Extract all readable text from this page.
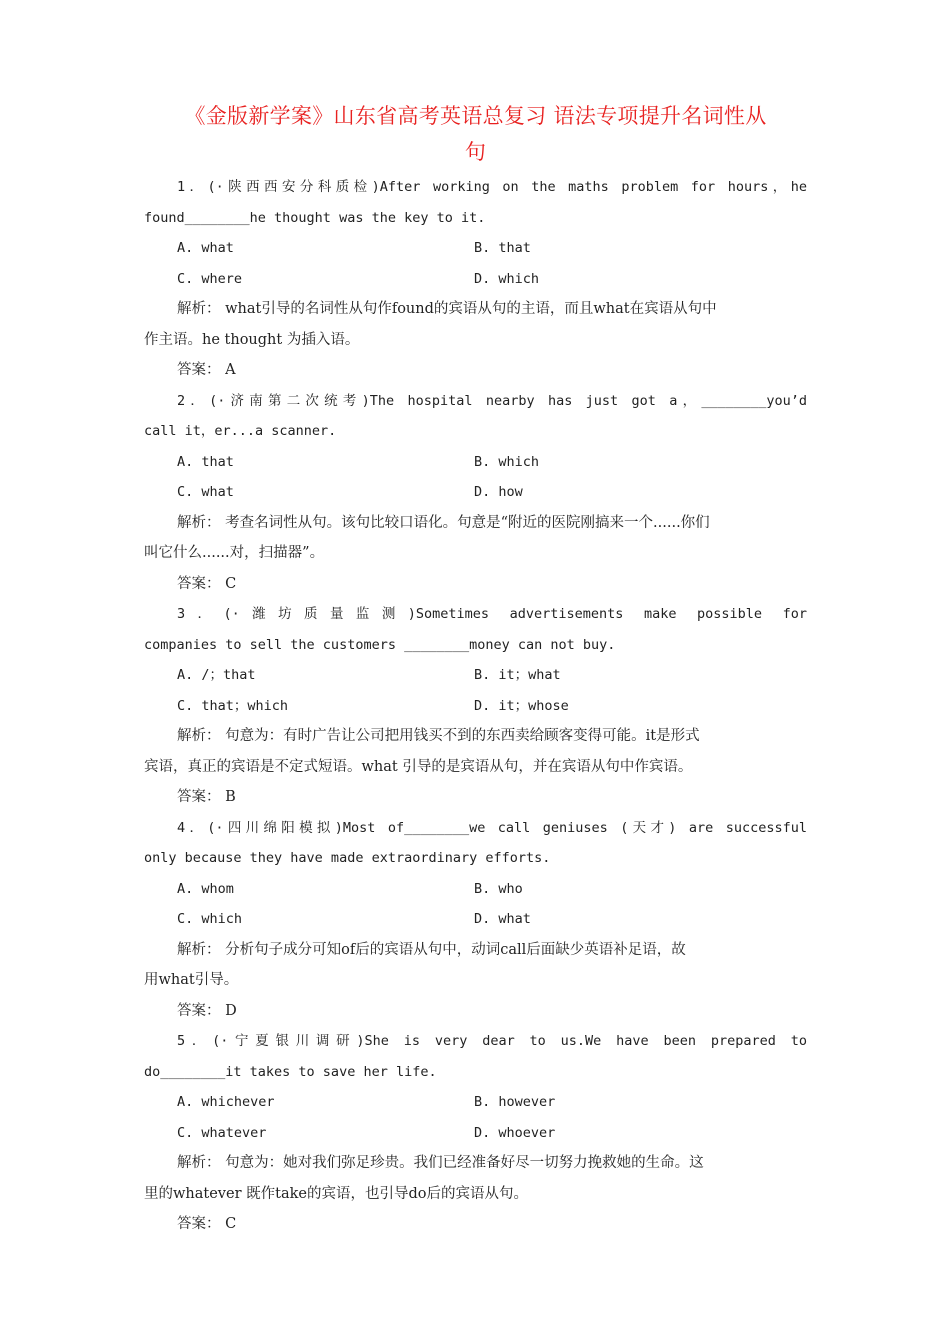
《金版新学案》山东省高考英语总复习 语法专项提升名词性从
句
1．(·陕西西安分科质检)After working on the maths problem for hours，he
found________he thought was the key to it.
A. what	B. that
C. where	D. which
解析： what引导的名词性从句作found的宾语从句的主语，而且what在宾语从句中
作主语。he thought 为插入语。
答案： A
2．(·济南第二次统考)The hospital nearby has just got a，________you’d
call it，er...a scanner.
A. that	B. which
C. what	D. how
解析： 考查名词性从句。该句比较口语化。句意是“附近的医院刚搞来一个......你们
叫它什么......对，扫描器”。
答案： C
3．(·潍坊质量监测)Sometimes advertisements make possible for
companies to sell the customers ________money can not buy.
A. /；that	B. it；what
C. that；which	D. it；whose
解析： 句意为：有时广告让公司把用钱买不到的东西卖给顾客变得可能。it是形式
宾语，真正的宾语是不定式短语。what 引导的是宾语从句，并在宾语从句中作宾语。
答案： B
4．(·四川绵阳模拟)Most of________we call geniuses (天才) are successful
only because they have made extraordinary efforts.
A. whom	B. who
C. which	D. what
解析： 分析句子成分可知of后的宾语从句中，动词call后面缺少英语补足语，故
用what引导。
答案： D
5．(·宁夏银川调研)She is very dear to us.We have been prepared to
do________it takes to save her life.
A. whichever	B. however
C. whatever	D. whoever
解析： 句意为：她对我们弥足珍贵。我们已经准备好尽一切努力挽救她的生命。这
里的whatever 既作take的宾语，也引导do后的宾语从句。
答案： C
